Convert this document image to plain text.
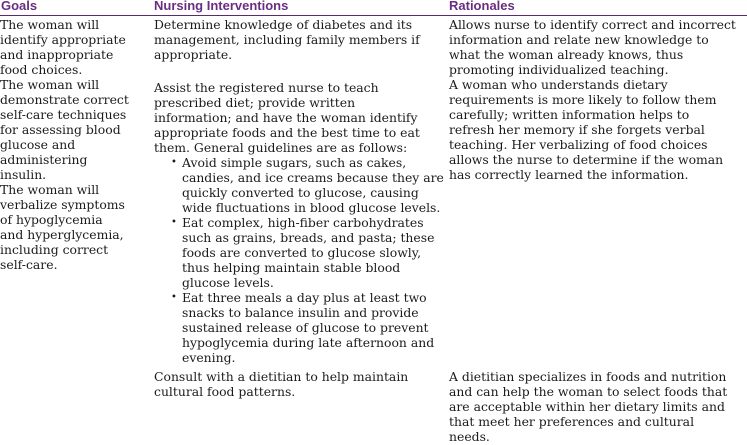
Goals	Nursing Interventions	Rationales
The woman will
identify appropriate
and inappropriate
food choices.
The woman will
demonstrate correct
self-care techniques
for assessing blood
glucose and
administering
insulin.
The woman will
verbalize symptoms
of hypoglycemia
and hyperglycemia,
including correct
self-care.
Determine knowledge of diabetes and its
management, including family members if
appropriate.
Assist the registered nurse to teach
prescribed diet; provide written
information; and have the woman identify
appropriate foods and the best time to eat
them. General guidelines are as follows:
• Avoid simple sugars, such as cakes,
candies, and ice creams because they are
quickly converted to glucose, causing
wide fluctuations in blood glucose levels.
• Eat complex, high-fiber carbohydrates
such as grains, breads, and pasta; these
foods are converted to glucose slowly,
thus helping maintain stable blood
glucose levels.
• Eat three meals a day plus at least two
snacks to balance insulin and provide
sustained release of glucose to prevent
hypoglycemia during late afternoon and
evening.
Consult with a dietitian to help maintain
cultural food patterns.
Allows nurse to identify correct and incorrect
information and relate new knowledge to
what the woman already knows, thus
promoting individualized teaching.
A woman who understands dietary
requirements is more likely to follow them
carefully; written information helps to
refresh her memory if she forgets verbal
teaching. Her verbalizing of food choices
allows the nurse to determine if the woman
has correctly learned the information.
A dietitian specializes in foods and nutrition
and can help the woman to select foods that
are acceptable within her dietary limits and
that meet her preferences and cultural
needs.
